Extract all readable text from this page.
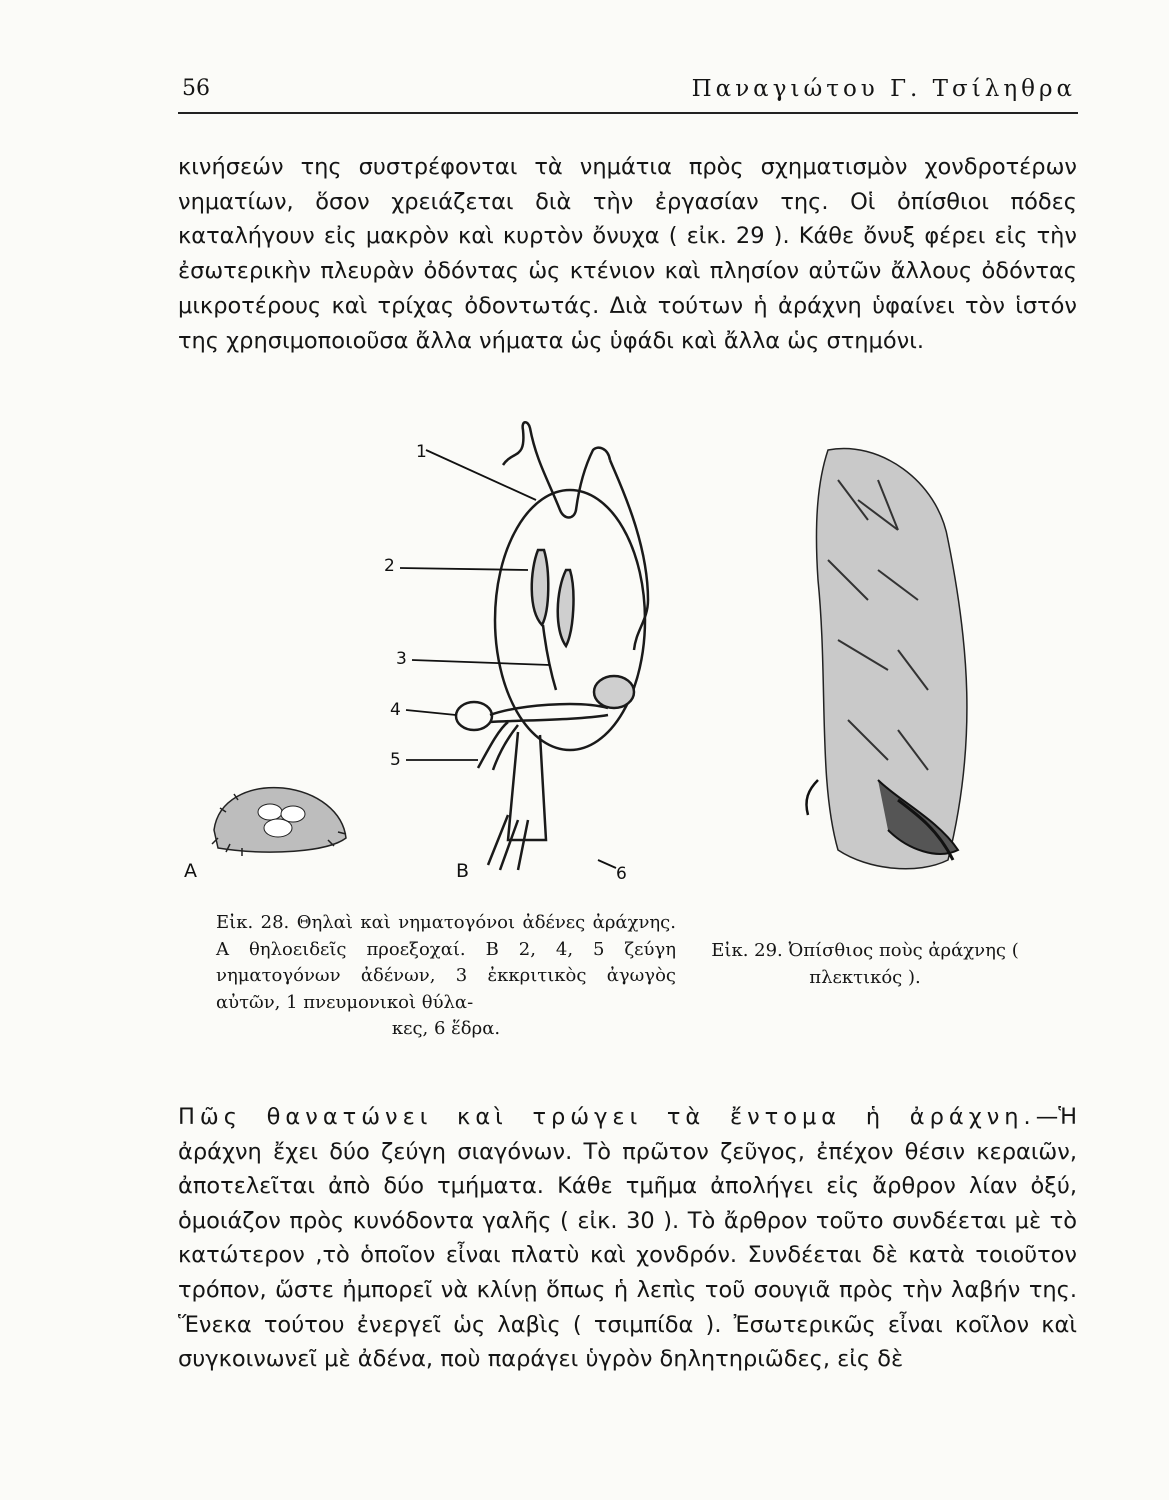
56	Παναγιώτου Γ. Τσίληθρα

κινήσεών της συστρέφονται τὰ νημάτια πρὸς σχηματισμὸν χονδροτέρων νηματίων, ὅσον χρειάζεται διὰ τὴν ἐργασίαν της. Οἱ ὀπίσθιοι πόδες καταλήγουν εἰς μακρὸν καὶ κυρτὸν ὄνυχα ( εἰκ. 29 ). Κάθε ὄνυξ φέρει εἰς τὴν ἐσωτερικὴν πλευρὰν ὀδόντας ὡς κτένιον καὶ πλησίον αὐτῶν ἄλλους ὀδόντας μικροτέρους καὶ τρίχας ὀδοντωτάς. Διὰ τούτων ἡ ἀράχνη ὑφαίνει τὸν ἱστόν της χρησιμοποιοῦσα ἄλλα νήματα ὡς ὑφάδι καὶ ἄλλα ὡς στημόνι.

1
2
3
4
5
A	B	6
Εἰκ. 28. Θηλαὶ καὶ νηματογόνοι ἀδένες ἀράχνης. Α θηλοειδεῖς προεξοχαί. Β 2, 4, 5 ζεύγη νηματογόνων ἀδένων, 3 ἐκκριτικὸς ἀγωγὸς αὐτῶν, 1 πνευμονικοὶ θύλα-
κες, 6 ἕδρα.
Εἰκ. 29. Ὀπίσθιος ποὺς ἀράχνης ( πλεκτικός ).

Πῶς θανατώνει καὶ τρώγει τὰ ἔντομα ἡ ἀράχνη.—Ἡ ἀράχνη ἔχει δύο ζεύγη σιαγόνων. Τὸ πρῶτον ζεῦγος, ἐπέχον θέσιν κεραιῶν, ἀποτελεῖται ἀπὸ δύο τμήματα. Κάθε τμῆμα ἀπολήγει εἰς ἄρθρον λίαν ὀξύ, ὁμοιάζον πρὸς κυνόδοντα γαλῆς ( εἰκ. 30 ). Τὸ ἄρθρον τοῦτο συνδέεται μὲ τὸ κατώτερον ,τὸ ὁποῖον εἶναι πλατὺ καὶ χονδρόν. Συνδέεται δὲ κατὰ τοιοῦτον τρόπον, ὥστε ἠμπορεῖ νὰ κλίνῃ ὅπως ἡ λεπὶς τοῦ σουγιᾶ πρὸς τὴν λαβήν της. Ἕνεκα τούτου ἐνεργεῖ ὡς λαβὶς ( τσιμπίδα ). Ἐσωτερικῶς εἶναι κοῖλον καὶ συγκοινωνεῖ μὲ ἀδένα, ποὺ παράγει ὑγρὸν δηλητηριῶδες, εἰς δὲ
